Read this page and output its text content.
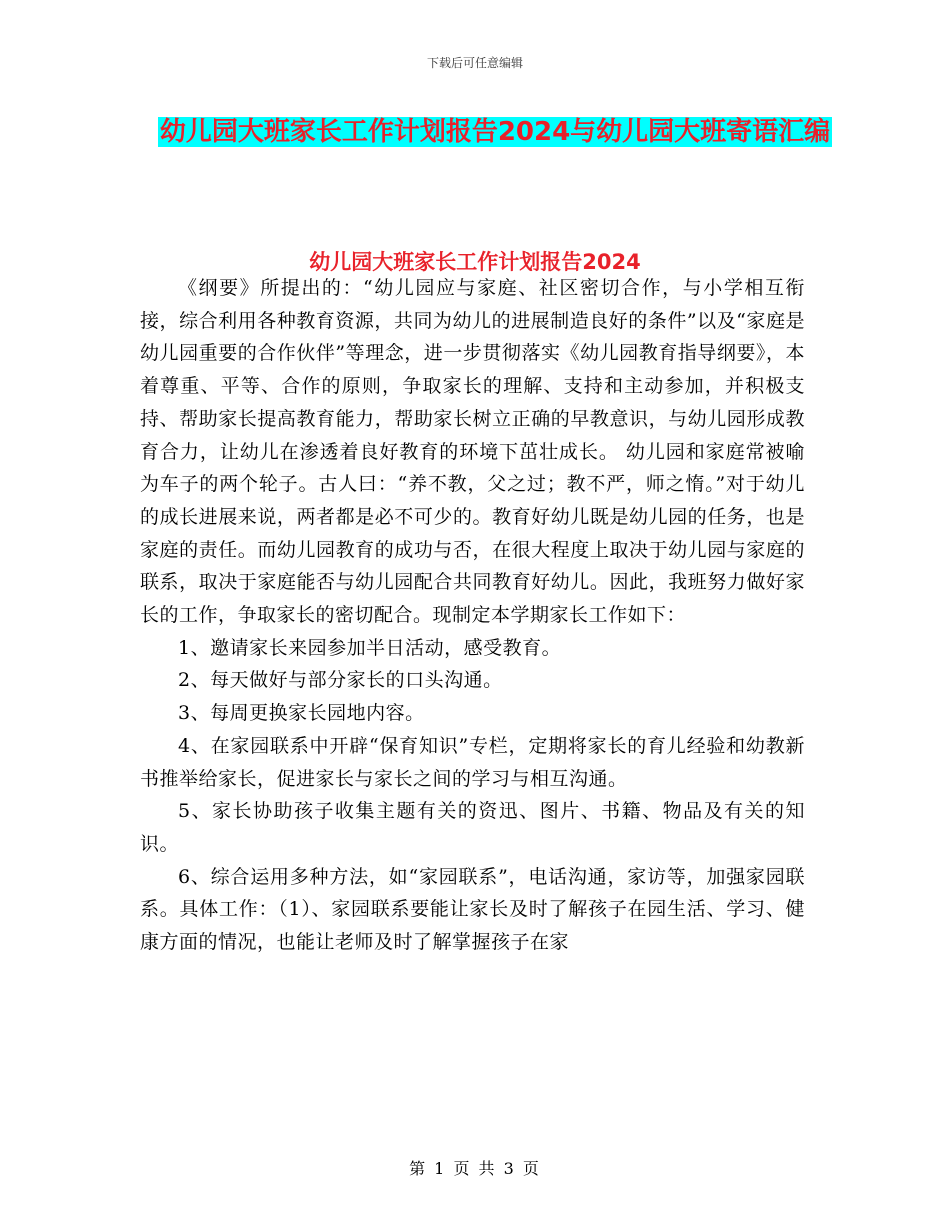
下载后可任意编辑
幼儿园大班家长工作计划报告2024与幼儿园大班寄语汇编
幼儿园大班家长工作计划报告2024

《纲要》所提出的：“幼儿园应与家庭、社区密切合作，与小学相互衔接，综合利用各种教育资源，共同为幼儿的进展制造良好的条件”以及“家庭是幼儿园重要的合作伙伴”等理念，进一步贯彻落实《幼儿园教育指导纲要》，本着尊重、平等、合作的原则，争取家长的理解、支持和主动参加，并积极支持、帮助家长提高教育能力，帮助家长树立正确的早教意识，与幼儿园形成教育合力，让幼儿在渗透着良好教育的环境下茁壮成长。 幼儿园和家庭常被喻为车子的两个轮子。古人曰：“养不教，父之过；教不严，师之惰。”对于幼儿的成长进展来说，两者都是必不可少的。教育好幼儿既是幼儿园的任务，也是家庭的责任。而幼儿园教育的成功与否，在很大程度上取决于幼儿园与家庭的联系，取决于家庭能否与幼儿园配合共同教育好幼儿。因此，我班努力做好家长的工作，争取家长的密切配合。现制定本学期家长工作如下：

1、邀请家长来园参加半日活动，感受教育。

2、每天做好与部分家长的口头沟通。

3、每周更换家长园地内容。

4、在家园联系中开辟“保育知识”专栏，定期将家长的育儿经验和幼教新书推举给家长，促进家长与家长之间的学习与相互沟通。

5、家长协助孩子收集主题有关的资迅、图片、书籍、物品及有关的知识。

6、综合运用多种方法，如“家园联系”，电话沟通，家访等，加强家园联系。具体工作：（1）、家园联系要能让家长及时了解孩子在园生活、学习、健康方面的情况，也能让老师及时了解掌握孩子在家

第 1 页 共 3 页
